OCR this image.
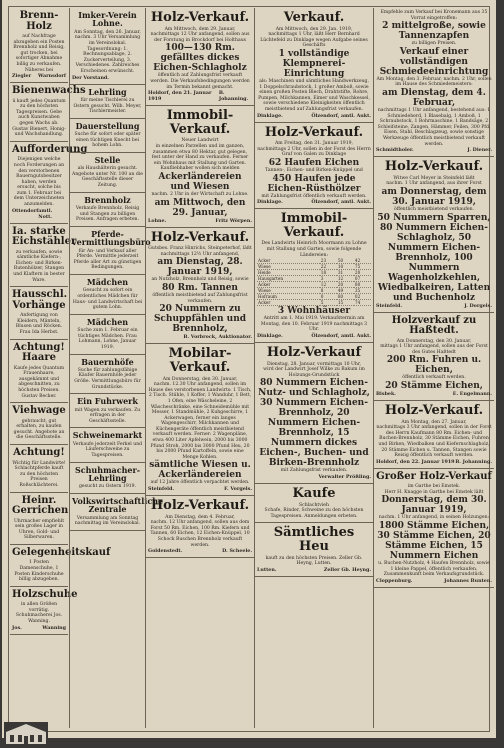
Brenn-Holz
auf Nachfrage abzugeben ein Posten Brennholz und Reisig, gut trocken, bei sofortiger Abnahme billig zu verkaufen. Näheres bei
Ziegler Warnsdorf
Bienenwachs
ü kauft jedes Quantum zu den höchsten Tagespreisen. Gebe auch Kunstwaben gegen Wachs ab. Gustav Bienert, Honig- und Wachshandlung.
Aufforderung
Diejenigen welche noch Forderungen an den verstorbenen Bauerngutsbesitzer haben, werden ersucht, solche bis zum 1. Februar bei dem Unterzeichneten anzumelden.
Ottendorf amtl. Nott.
Ia. starke Eichstähler
zu verkaufen, sowie sämtliche Kiefern-, Eichen- und Birken-Rutenhölzer, Stangen und Klaftern in bester Ware.
Hausschl. Vorhänge
Anfertigung von Kleidern, Mänteln, Blusen und Röcken. Frau Ida Herbst.
Achtung! Haare
Kaufe jedes Quantum Frauenhaare, ausgekämmt und abgeschnitten, zu höchsten Preisen. Gustav Becker.
Viehwage
gebraucht, gut erhalten, zu kaufen gesucht. Angebote an die Geschäftsstelle.
Achtung!
Wichtig für Landwirte! Schlachtpferde kauft zu den höchsten Preisen Roßschlächterei.
Heinr. Gerrichen
Uhrmacher empfiehlt sein großes Lager in Uhren, Gold- und Silberwaren.
Gelegenheitskauf
1 Posten Damenschuhe, 1 Posten Kinderschuhe billig abzugeben.
Holzschuhe
in allen Größen vorrätig. Schuhmacherei Jos. Wanning.
Jos.	Wanning
Imker-Verein Lohne.
Am Sonntag, den 26. Januar, nachm. 3 Uhr Versammlung im Vereinslokal. Tagesordnung: 1. Rechnungsablage, 2. Zuckerverteilung, 3. Verschiedenes. Zahlreiches Erscheinen erwünscht.
Der Vorstand.
Lehrling
für meine Tischlerei zu Ostern gesucht. Wilh. Meyer, Tischlermeister.
Dauerstellung
Suche für sofort oder später einen tüchtigen Knecht bei hohem Lohn.
Stelle
als Haushälterin gesucht. Angebote unter Nr. 100 an die Geschäftsstelle dieser Zeitung.
Brennholz
Verkaufe Brennholz, Reisig und Stangen zu billigen Preisen. Anfragen erbeten.
Pferde-vermittlungsbüro
für An- und Verkauf aller Pferde. Vermittle jederzeit Pferde aller Art zu günstigen Bedingungen.
Mädchen
Gesucht zu sofort ein ordentliches Mädchen für Haus- und Landwirtschaft bei gutem Lohn.
Mädchen
Suche zum 1. Februar ein tüchtiges Mädchen. Frau Lohmann, Lohne, Januar 1919.
Bauernhöfe
Suche für zahlungsfähige Käufer Bauernhöfe jeder Größe. Vermittlungsbüro für Grundstücke.
Ein Fuhrwerk
mit Wagen zu verkaufen. Zu erfragen in der Geschäftsstelle.
Schweinemarkt
Verkaufe jederzeit Ferkel und Läuferschweine zu Tagespreisen.
Schuhmacher-Lehrling
gesucht zu Ostern 1919.
Volkswirtschaftliche Zentrale
Versammlung am Sonntag nachmittag im Vereinslokal.
Holz-Verkauf.
Am Mittwoch, dem 29. Januar,
nachmittags 12 Uhr anfangend, sollen aus der Forstung in Brockdorf bei Holthaus
100—130 Rm. gefälltes dickes Eichen-Schlagholz
öffentlich auf Zahlungsfrist verkauft werden. Die Verkaufsbedingungen werden im Termin bekannt gemacht.
Holdorf, den 21. Januar 1919
B. Johanning.
Immobil-Verkauf.
Neuer Landwirt
in einzelnen Parzellen und im ganzen, zusammen etwa 80 Hektar, gut gelegen, fest unter der Hand zu verkaufen. Ferner ein Wohnhaus mit Stallung und Garten. Kaufliebhaber wollen sich melden
Ackerländereien und Wiesen
nachm. 2 Uhr in der Wirtschaft zu Lohne.
am Mittwoch, den 29. Januar,
Lohne.	Fritz Wörpen.
Holz-Verkauf.
Gutsbes. Franz Hinrichs, Steinpeterhof, läßt
nachmittags 12½ Uhr anfangend,
am Dienstag, 28. Januar 1919,
an Nutzholz, Brennholz und Reisig, sowie
80 Rm. Tannen
öffentlich meistbietend auf Zahlungsfrist verkaufen.
20 Nummern zu Schuppfählen und Brennholz,
B. Vorbrock, Auktionator.
Mobilar-Verkauf.
Am Donnerstag, den 30. Januar,
nachm. 12.30 Uhr anfangend, sollen im Hause des verstorbenen Landwirts: 1 Tisch, 2 Tisch. Stühle, 1 Koffer, 1 Wanduhr, 1 Bett, 1 Ofen, eine Wäscheleine, 2 Wäscheschränke, eine Schneidemühle mit Messer, 1 Standmühle, 2 Kuhgeschirre, 1 Ackerwagen, ferner ein langes Wagengeschirr, Milchkannen und Küchengeräte öffentlich meistbietend verkauft werden. Ferner: 2 Wagenpläne, etwa 400 Liter Apfelwein, 2000 bis 3000 Pfund Stroh, 2000 bis 3000 Pfund Heu, 20 bis 2000 Pfund Kartoffeln, sowie eine Menge Kohlen.
sämtliche Wiesen u. Ackerländereien
auf 12 Jahre öffentlich verpachtet werden.
Steinfeld.	F. Vorgels.
Holz-Verkauf.
Am Dienstag, dem 4. Februar,
nachm. 12 Uhr anfangend, sollen aus dem Forst 50 Rm. Eichen, 100 Rm. Kiefern und Tannen, 60 Eichen, 12 Eichen-Knüppel, 10 Schock Buschen Brennholz verkauft werden.
Goldenstedt.	D. Scheele.
Verkauf.
Am Mittwoch, den 29. Jan. 1919,
nachmittags 1 Uhr, läßt Herr Bernhard Lüchtefeld zu Dinklage wegen Aufgabe seines Geschäfts
1 vollständige Klempnerei-Einrichtung
als: Maschinen und sämtliches Handwerkzeug, 1 Doppelschraubstock, 1 großer Amboß, sowie einen großen Posten Blech, Drahtstifte, Rohre, Pumpen, Milchkannen, Eimer und Waschkessel, sowie verschiedene Kleinigkeiten öffentlich meistbietend auf Zahlungsfrist verkaufen.
Dinklage.	Ölzendorf, amtl. Aukt.
Holz-Verkauf.
Am Freitag, den 31. Januar 1919,
nachmittags 2 Uhr, sollen in der Forst des Herrn Graf von Galen zu Dinklage
62 Haufen Eichen
Tannen-, Eichen- und Birken-Knüppel und
450 Haufen jede Eichen-Rüsthölzer
mit Zahlungsfrist öffentlich verkauft werden.
Dinklage.	Ölzendorf, amtl. Aukt.
Immobil-Verkauf.
Des Landwirts Heinrich Moormann zu Lohne
mit Stallung und Garten, sowie folgende Ländereien:
Acker	23	50	42
Wiese	22	10	75
Heide	18	31	20
Hausgarten	3	12	07
Acker	12	20	80
Wiese	8	49	35
Hofraum	0	80	02
Acker	5	15	74
3 Wohnhäuser
Antritt am 1. Mai 1919. Verkaufstermin am Montag, den 10. Februar 1919 nachmittags 3 Uhr.
Dinklage.	Ölzendorf, amtl. Aukt.
Holz-Verkauf
Dienstag, 28. Januar, vormittags 10 Uhr,
wird der Landwirt Josef Wilke zu Bakum im Holzungs-Grundstück
80 Nummern Eichen-Nutz- und Schlagholz, 30 Nummern Eichen-Brennholz, 20 Nummern Eichen-Brennholz, 15 Nummern dickes Eichen-, Buchen- und Birken-Brennholz
mit Zahlungsfrist verkaufen.
Verwalter Prößling.
Kaufe
Schlachtvieh
Schafe, Rinder, Schweine zu den höchsten Tagespreisen. Anmeldungen erbeten.
Sämtliches Heu
kauft zu den höchsten Preisen. Zeller Gb. Heyng, Lutten.
Lutten.	Zeller Gb. Heyng.
Empfehle zum Verkauf bei Kronemann aus 35 Vorrat eingetroffen:
2 mittelgroße, sowie Tannenzapfen
zu billigen Preisen.
Verkauf einer vollständigen Schmiedeeinrichtung
Am Montag, den 3. Februar, nachm. 2 Uhr, sollen im Hause des Schmiedemeisters:
am Dienstag, dem 4. Februar,
nachmittags 1 Uhr anfangend, bestehend aus: 1 Schmiedeherd, 1 Blasebalg, 1 Amboß, 1 Schraubstock, 1 Bohrmaschine, 1 Bandsäge, 2 Schleifsteine, Zangen, Hämmer, Feilen, 300 Pfd. Eisen, Stahl, Beschlagzeug, sowie sonstige Werkzeuge öffentlich meistbietend verkauft werden.
Schmidtholer.	J. Diener.
Holz-Verkauf.
Witwe Carl Meyer in Steinfeld läßt
nachm. 1 Uhr anfangend, aus ihrer Forst
am Donnerstag, dem 30. Januar 1919,
öffentlich meistbietend verkaufen.
50 Nummern Sparren, 80 Nummern Eichen-Schlagholz, 50 Nummern Eichen-Brennholz, 100 Nummern Wagenholzkehlen, Wiedbalkeiren, Latten und Buchenholz
Steinfeld.	J. Dorgels.
Holzverkauf zu Haßtedt.
Am Donnerstag, den 30. Januar,
mittags 1 Uhr anfangend, sollen aus der Forst des Gutes Haßtedt
200 Rm. Fuhren u. Eichen,
öffentlich verkauft werden.
20 Stämme Eichen,
Bisbek.	E. Engelmann.
Holz-Verkauf.
Am Montag, den 27. Januar,
nachmittags 3 Uhr anfangend, sollen in der Forst des Herrn Kaufmann 80 Rm. Eichen- und Buchen-Brennholz, 30 Stämme Eichen, Fuhren und Birken, Wiedbalken und Kiefernschlagholz, 20 Stämme Eichen u. Tannen, Stangen sowie Reisig öffentlich verkauft werden.
Holdorf, den 22. Januar 1919 B. Johanning.
Großer Holz-Verkauf
im Garthe bei Emstek.
Herr H. Knagge in Garthe bei Emstek läßt
Donnerstag, dem 30. Januar 1919,
nachm. 1 Uhr anfangend, in seinen Holzungen:
1800 Stämme Eichen, 30 Stämme Eichen, 20 Stämme Eichen, 15 Nummern Eichen
u. Buchen-Nutzholz, 4 Haufen Brennholz, sowie 1 kleine Pappel, öffentlich verkaufen. Zusammenkunft beim Verkaufsgrundstück.
Cloppenburg.	Johannes Bunten.
